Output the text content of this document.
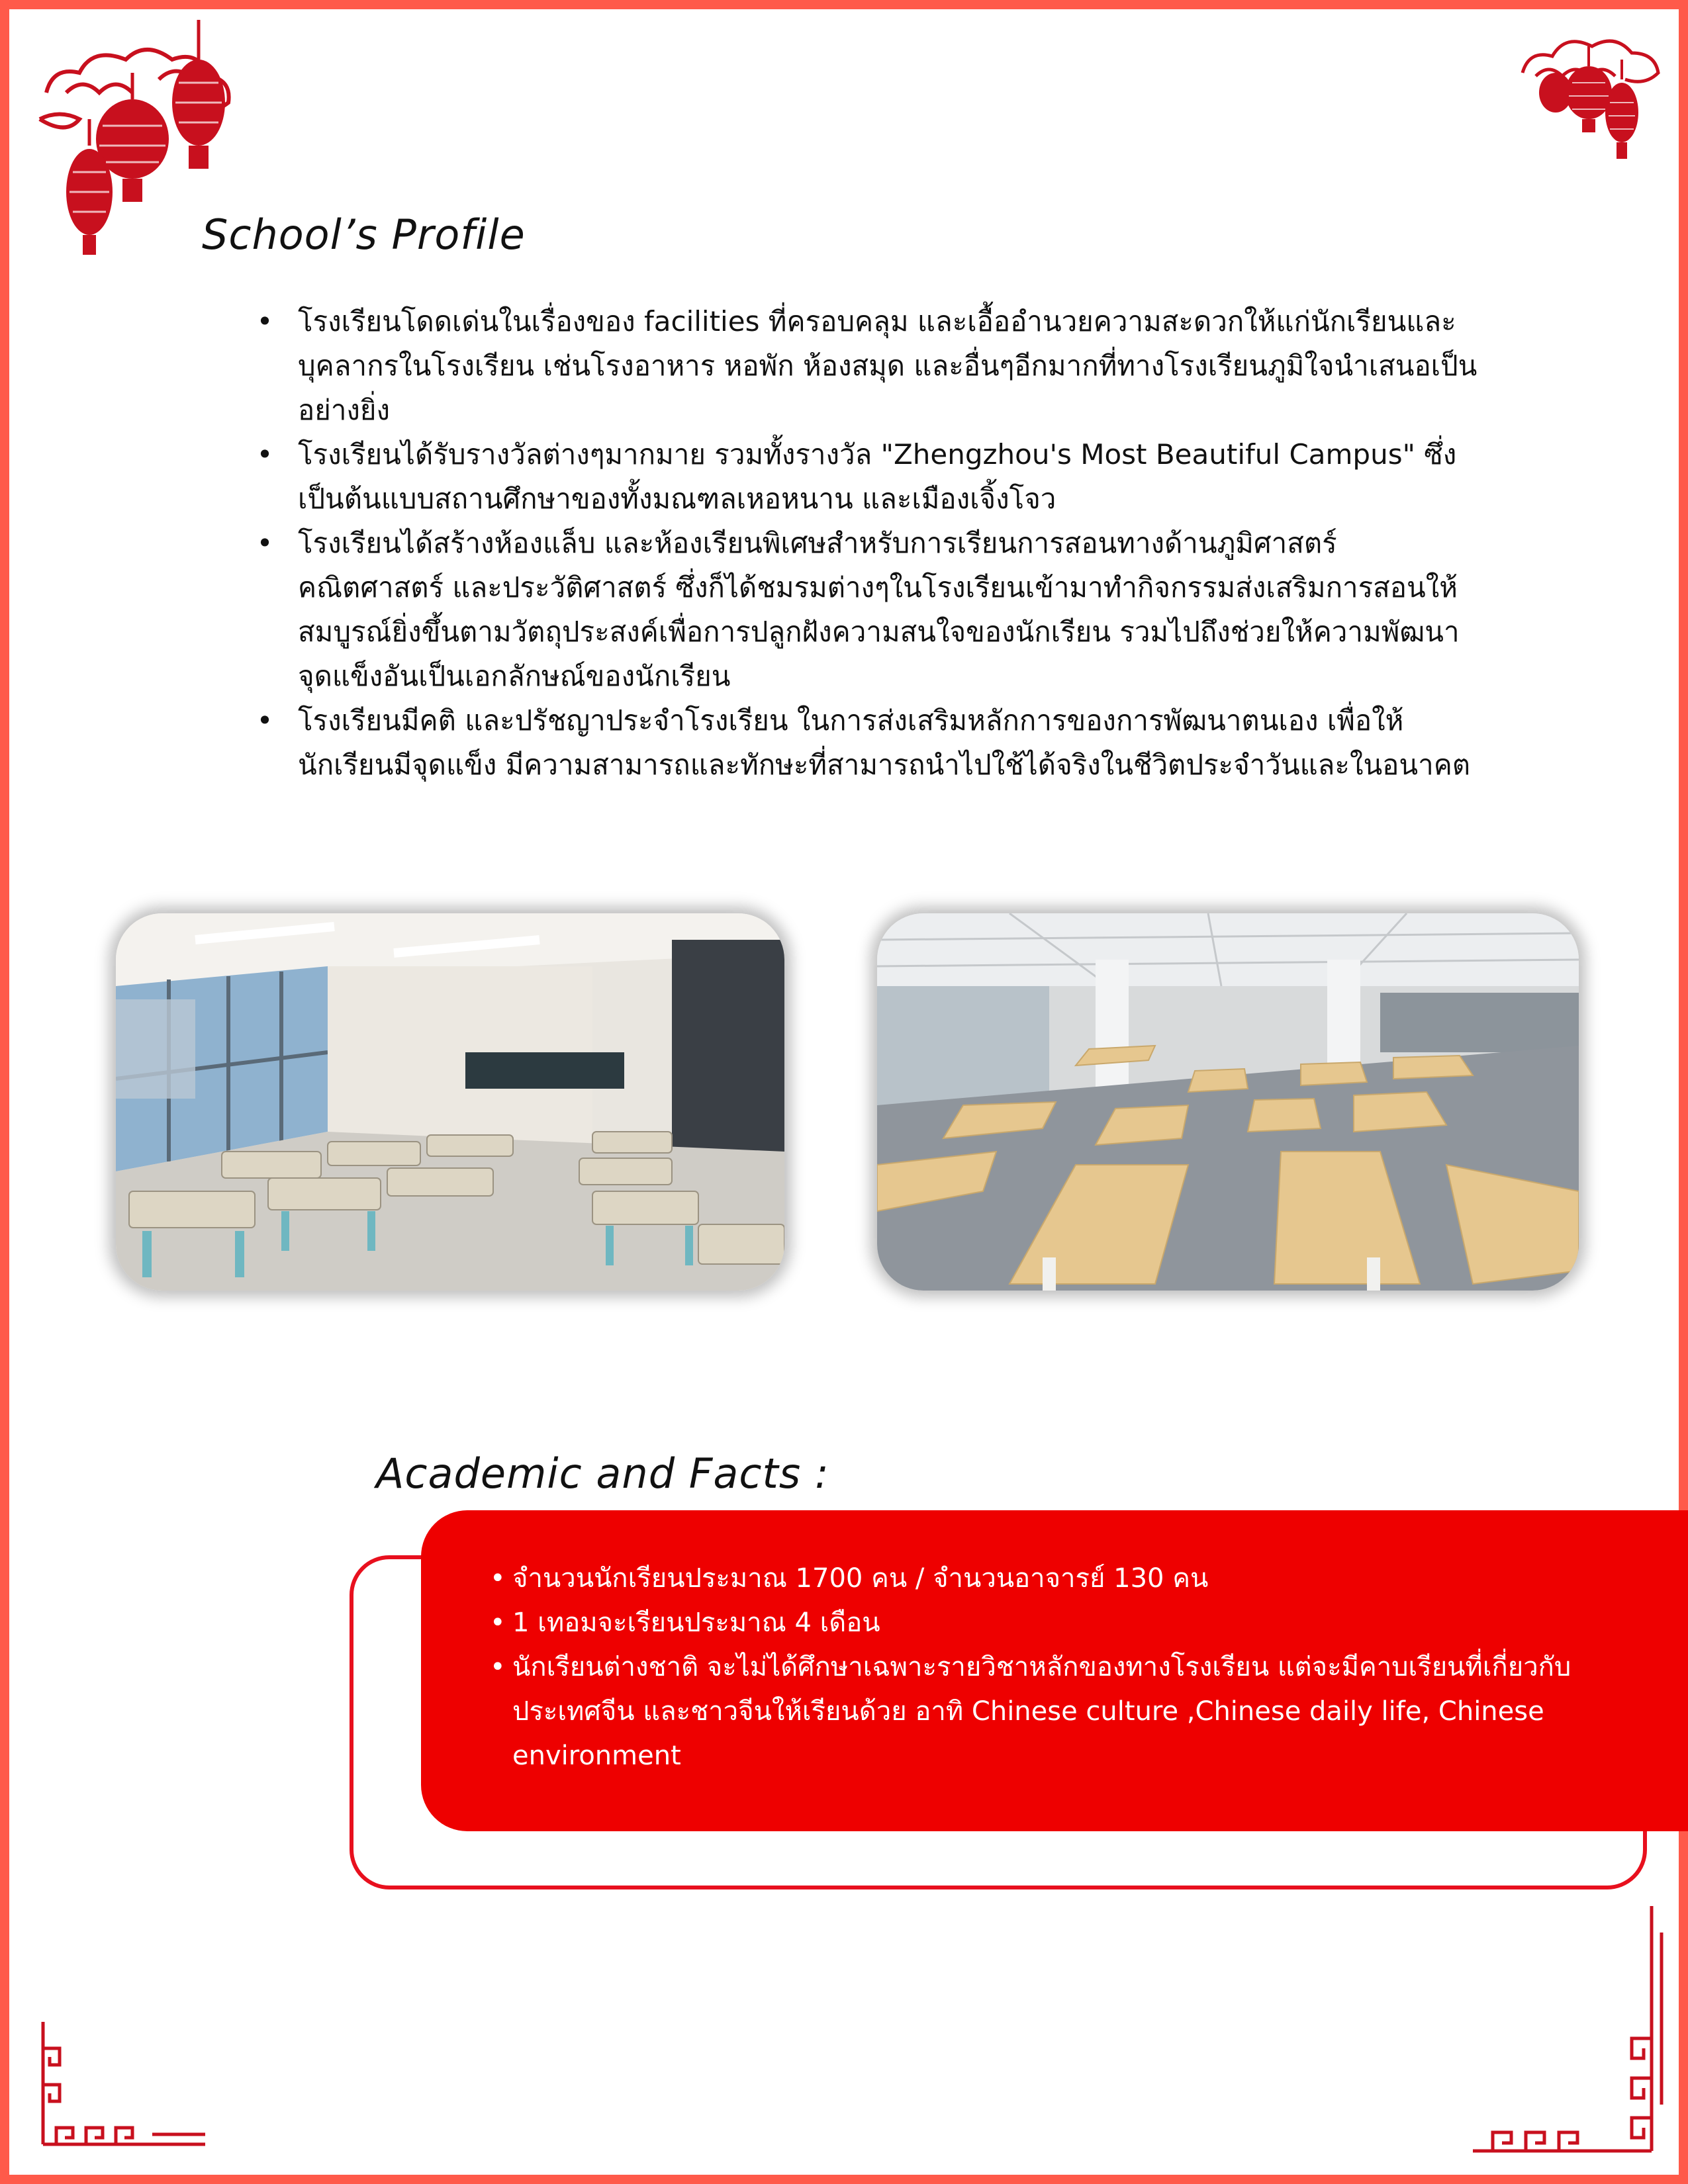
School’s Profile
• โรงเรียนโดดเด่นในเรื่องของ facilities ที่ครอบคลุม และเอื้ออำนวยความสะดวกให้แก่นักเรียนและบุคลากรในโรงเรียน เช่นโรงอาหาร หอพัก ห้องสมุด และอื่นๆอีกมากที่ทางโรงเรียนภูมิใจนำเสนอเป็นอย่างยิ่ง
• โรงเรียนได้รับรางวัลต่างๆมากมาย รวมทั้งรางวัล "Zhengzhou's Most Beautiful Campus" ซึ่งเป็นต้นแบบสถานศึกษาของทั้งมณฑลเหอหนาน และเมืองเจิ้งโจว
• โรงเรียนได้สร้างห้องแล็บ และห้องเรียนพิเศษสำหรับการเรียนการสอนทางด้านภูมิศาสตร์ คณิตศาสตร์ และประวัติศาสตร์ ซึ่งก็ได้ชมรมต่างๆในโรงเรียนเข้ามาทำกิจกรรมส่งเสริมการสอนให้สมบูรณ์ยิ่งขึ้นตามวัตถุประสงค์เพื่อการปลูกฝังความสนใจของนักเรียน รวมไปถึงช่วยให้ความพัฒนาจุดแข็งอันเป็นเอกลักษณ์ของนักเรียน
• โรงเรียนมีคติ และปรัชญาประจำโรงเรียน ในการส่งเสริมหลักการของการพัฒนาตนเอง เพื่อให้นักเรียนมีจุดแข็ง มีความสามารถและทักษะที่สามารถนำไปใช้ได้จริงในชีวิตประจำวันและในอนาคต
Academic and Facts :
• จำนวนนักเรียนประมาณ 1700 คน / จำนวนอาจารย์ 130 คน
• 1 เทอมจะเรียนประมาณ 4 เดือน
• นักเรียนต่างชาติ จะไม่ได้ศึกษาเฉพาะรายวิชาหลักของทางโรงเรียน แต่จะมีคาบเรียนที่เกี่ยวกับประเทศจีน และชาวจีนให้เรียนด้วย อาทิ Chinese culture ,Chinese daily life, Chinese environment
